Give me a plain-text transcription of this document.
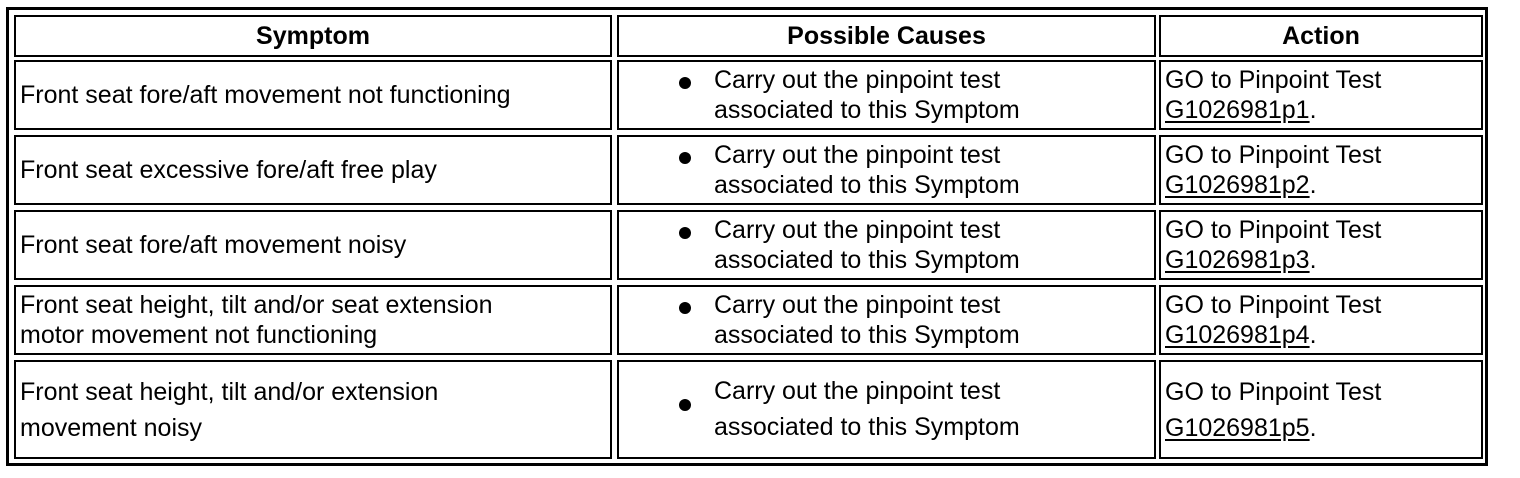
Symptom	Possible Causes	Action
Front seat fore/aft movement not functioning
Carry out the pinpoint test
associated to this Symptom
GO to Pinpoint Test
G1026981p1.
Front seat excessive fore/aft free play
Carry out the pinpoint test
associated to this Symptom
GO to Pinpoint Test
G1026981p2.
Front seat fore/aft movement noisy
Carry out the pinpoint test
associated to this Symptom
GO to Pinpoint Test
G1026981p3.
Front seat height, tilt and/or seat extension
motor movement not functioning
Carry out the pinpoint test
associated to this Symptom
GO to Pinpoint Test
G1026981p4.
Front seat height, tilt and/or extension
movement noisy
Carry out the pinpoint test
associated to this Symptom
GO to Pinpoint Test
G1026981p5.
